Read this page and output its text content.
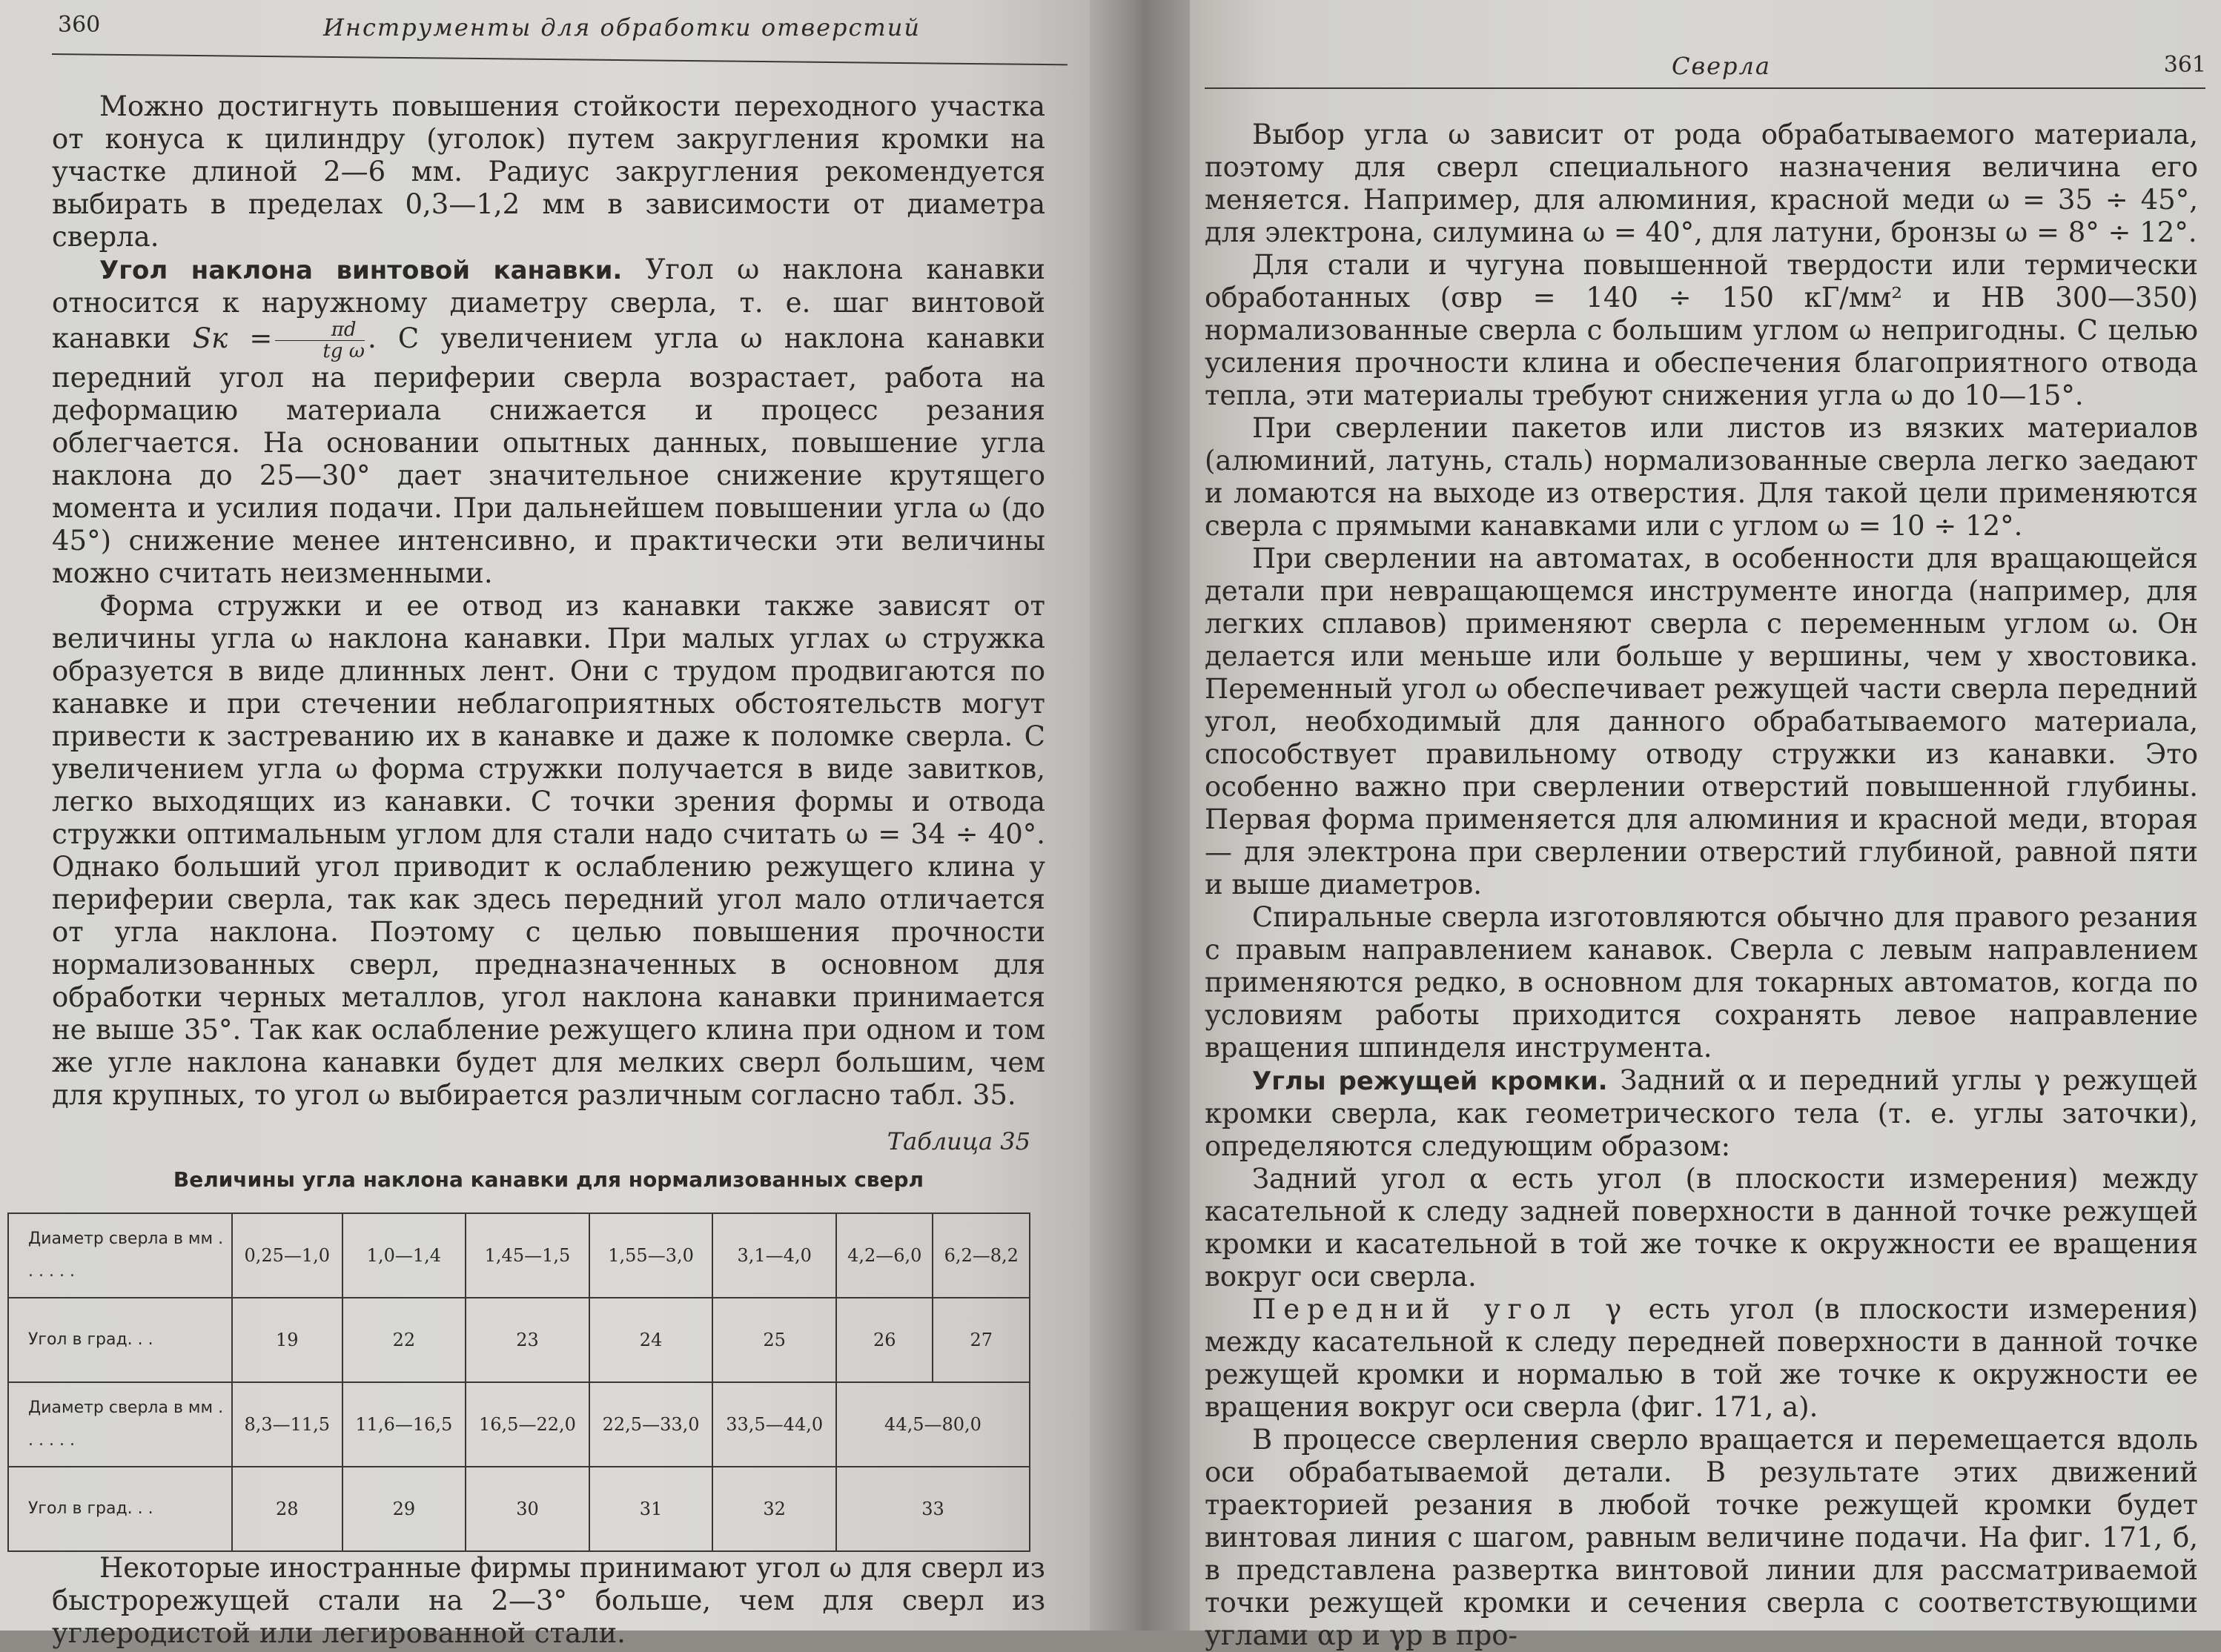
360	Инструменты для обработки отверстий

Можно достигнуть повышения стойкости переходного участка от конуса к цилиндру (уголок) путем закругления кромки на участке длиной 2—6 мм. Радиус закругления рекомендуется выбирать в пределах 0,3—1,2 мм в зависимости от диаметра сверла.

Угол наклона винтовой канавки. Угол ω наклона канавки относится к наружному диаметру сверла, т. е. шаг винтовой канавки Sк = $\frac{\pi d}{\text{tg ω}}$ . С увеличением угла ω наклона канавки передний угол на периферии сверла возрастает, работа на деформацию материала снижается и процесс резания облегчается. На основании опытных данных, повышение угла наклона до 25—30° дает значительное снижение крутящего момента и усилия подачи. При дальнейшем повышении угла ω (до 45°) снижение менее интенсивно, и практически эти величины можно считать неизменными.

Форма стружки и ее отвод из канавки также зависят от величины угла ω наклона канавки. При малых углах ω стружка образуется в виде длинных лент. Они с трудом продвигаются по канавке и при стечении неблагоприятных обстоятельств могут привести к застреванию их в канавке и даже к поломке сверла. С увеличением угла ω форма стружки получается в виде завитков, легко выходящих из канавки. С точки зрения формы и отвода стружки оптимальным углом для стали надо считать ω = 34 ÷ 40°. Однако больший угол приводит к ослаблению режущего клина у периферии сверла, так как здесь передний угол мало отличается от угла наклона. Поэтому с целью повышения прочности нормализованных сверл, предназначенных в основном для обработки черных металлов, угол наклона канавки принимается не выше 35°. Так как ослабление режущего клина при одном и том же угле наклона канавки будет для мелких сверл большим, чем для крупных, то угол ω выбирается различным согласно табл. 35.

Таблица 35
Величины угла наклона канавки для нормализованных сверл
Диаметр сверла в мм . . . . . .	0,25—1,0	1,0—1,4	1,45—1,5	1,55—3,0	3,1—4,0	4,2—6,0	6,2—8,2
Угол в град. . .	19	22	23	24	25	26	27
Диаметр сверла в мм . . . . . .	8,3—11,5	11,6—16,5	16,5—22,0	22,5—33,0	33,5—44,0	44,5—80,0	
Угол в град. . .	28	29	30	31	32	33	

Некоторые иностранные фирмы принимают угол ω для сверл из быстрорежущей стали на 2—3° больше, чем для сверл из углеродистой или легированной стали.

Сверла	361

Выбор угла ω зависит от рода обрабатываемого материала, поэтому для сверл специального назначения величина его меняется. Например, для алюминия, красной меди ω = 35 ÷ 45°, для электрона, силумина ω = 40°, для латуни, бронзы ω = 8° ÷ 12°.

Для стали и чугуна повышенной твердости или термически обработанных (σвр = 140 ÷ 150 кГ/мм² и НВ 300—350) нормализованные сверла с большим углом ω непригодны. С целью усиления прочности клина и обеспечения благоприятного отвода тепла, эти материалы требуют снижения угла ω до 10—15°.

При сверлении пакетов или листов из вязких материалов (алюминий, латунь, сталь) нормализованные сверла легко заедают и ломаются на выходе из отверстия. Для такой цели применяются сверла с прямыми канавками или с углом ω = 10 ÷ 12°.

При сверлении на автоматах, в особенности для вращающейся детали при невращающемся инструменте иногда (например, для легких сплавов) применяют сверла с переменным углом ω. Он делается или меньше или больше у вершины, чем у хвостовика. Переменный угол ω обеспечивает режущей части сверла передний угол, необходимый для данного обрабатываемого материала, способствует правильному отводу стружки из канавки. Это особенно важно при сверлении отверстий повышенной глубины. Первая форма применяется для алюминия и красной меди, вторая — для электрона при сверлении отверстий глубиной, равной пяти и выше диаметров.

Спиральные сверла изготовляются обычно для правого резания с правым направлением канавок. Сверла с левым направлением применяются редко, в основном для токарных автоматов, когда по условиям работы приходится сохранять левое направление вращения шпинделя инструмента.

Углы режущей кромки. Задний α и передний углы γ режущей кромки сверла, как геометрического тела (т. е. углы заточки), определяются следующим образом:

Задний угол α есть угол (в плоскости измерения) между касательной к следу задней поверхности в данной точке режущей кромки и касательной в той же точке к окружности ее вращения вокруг оси сверла.

Передний угол γ есть угол (в плоскости измерения) между касательной к следу передней поверхности в данной точке режущей кромки и нормалью в той же точке к окружности ее вращения вокруг оси сверла (фиг. 171, а).

В процессе сверления сверло вращается и перемещается вдоль оси обрабатываемой детали. В результате этих движений траекторией резания в любой точке режущей кромки будет винтовая линия с шагом, равным величине подачи. На фиг. 171, б, в представлена развертка винтовой линии для рассматриваемой точки режущей кромки и сечения сверла с соответствующими углами αр и γр в про-
